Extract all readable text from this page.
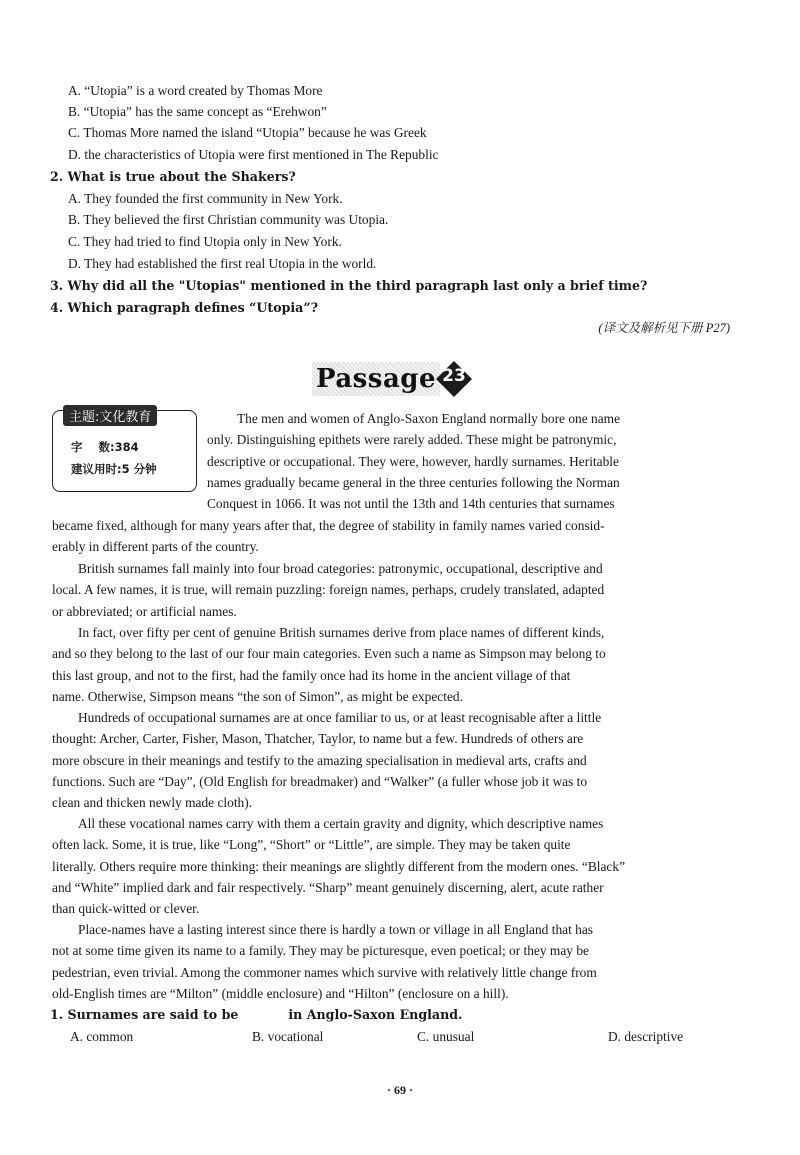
A. “Utopia” is a word created by Thomas More
B. “Utopia” has the same concept as “Erehwon”
C. Thomas More named the island “Utopia” because he was Greek
D. the characteristics of Utopia were first mentioned in The Republic
2. What is true about the Shakers?
A. They founded the first community in New York.
B. They believed the first Christian community was Utopia.
C. They had tried to find Utopia only in New York.
D. They had established the first real Utopia in the world.
3. Why did all the "Utopias" mentioned in the third paragraph last only a brief time?
4. Which paragraph defines “Utopia”?
(译文及解析见下册 P27)
Passage 23
主题:文化教育
字    数:384
建议用时:5 分钟
The men and women of Anglo-Saxon England normally bore one name
only. Distinguishing epithets were rarely added. These might be patronymic,
descriptive or occupational. They were, however, hardly surnames. Heritable
names gradually became general in the three centuries following the Norman
Conquest in 1066. It was not until the 13th and 14th centuries that surnames
became fixed, although for many years after that, the degree of stability in family names varied consid-
erably in different parts of the country.
British surnames fall mainly into four broad categories: patronymic, occupational, descriptive and
local. A few names, it is true, will remain puzzling: foreign names, perhaps, crudely translated, adapted
or abbreviated; or artificial names.
In fact, over fifty per cent of genuine British surnames derive from place names of different kinds,
and so they belong to the last of our four main categories. Even such a name as Simpson may belong to
this last group, and not to the first, had the family once had its home in the ancient village of that
name. Otherwise, Simpson means “the son of Simon”, as might be expected.
Hundreds of occupational surnames are at once familiar to us, or at least recognisable after a little
thought: Archer, Carter, Fisher, Mason, Thatcher, Taylor, to name but a few. Hundreds of others are
more obscure in their meanings and testify to the amazing specialisation in medieval arts, crafts and
functions. Such are “Day”, (Old English for breadmaker) and “Walker” (a fuller whose job it was to
clean and thicken newly made cloth).
All these vocational names carry with them a certain gravity and dignity, which descriptive names
often lack. Some, it is true, like “Long”, “Short” or “Little”, are simple. They may be taken quite
literally. Others require more thinking: their meanings are slightly different from the modern ones. “Black”
and “White” implied dark and fair respectively. “Sharp” meant genuinely discerning, alert, acute rather
than quick-witted or clever.
Place-names have a lasting interest since there is hardly a town or village in all England that has
not at some time given its name to a family. They may be picturesque, even poetical; or they may be
pedestrian, even trivial. Among the commoner names which survive with relatively little change from
old-English times are “Milton” (middle enclosure) and “Hilton” (enclosure on a hill).
1. Surnames are said to be	in Anglo-Saxon England.
A. common	B. vocational	C. unusual	D. descriptive
· 69 ·
